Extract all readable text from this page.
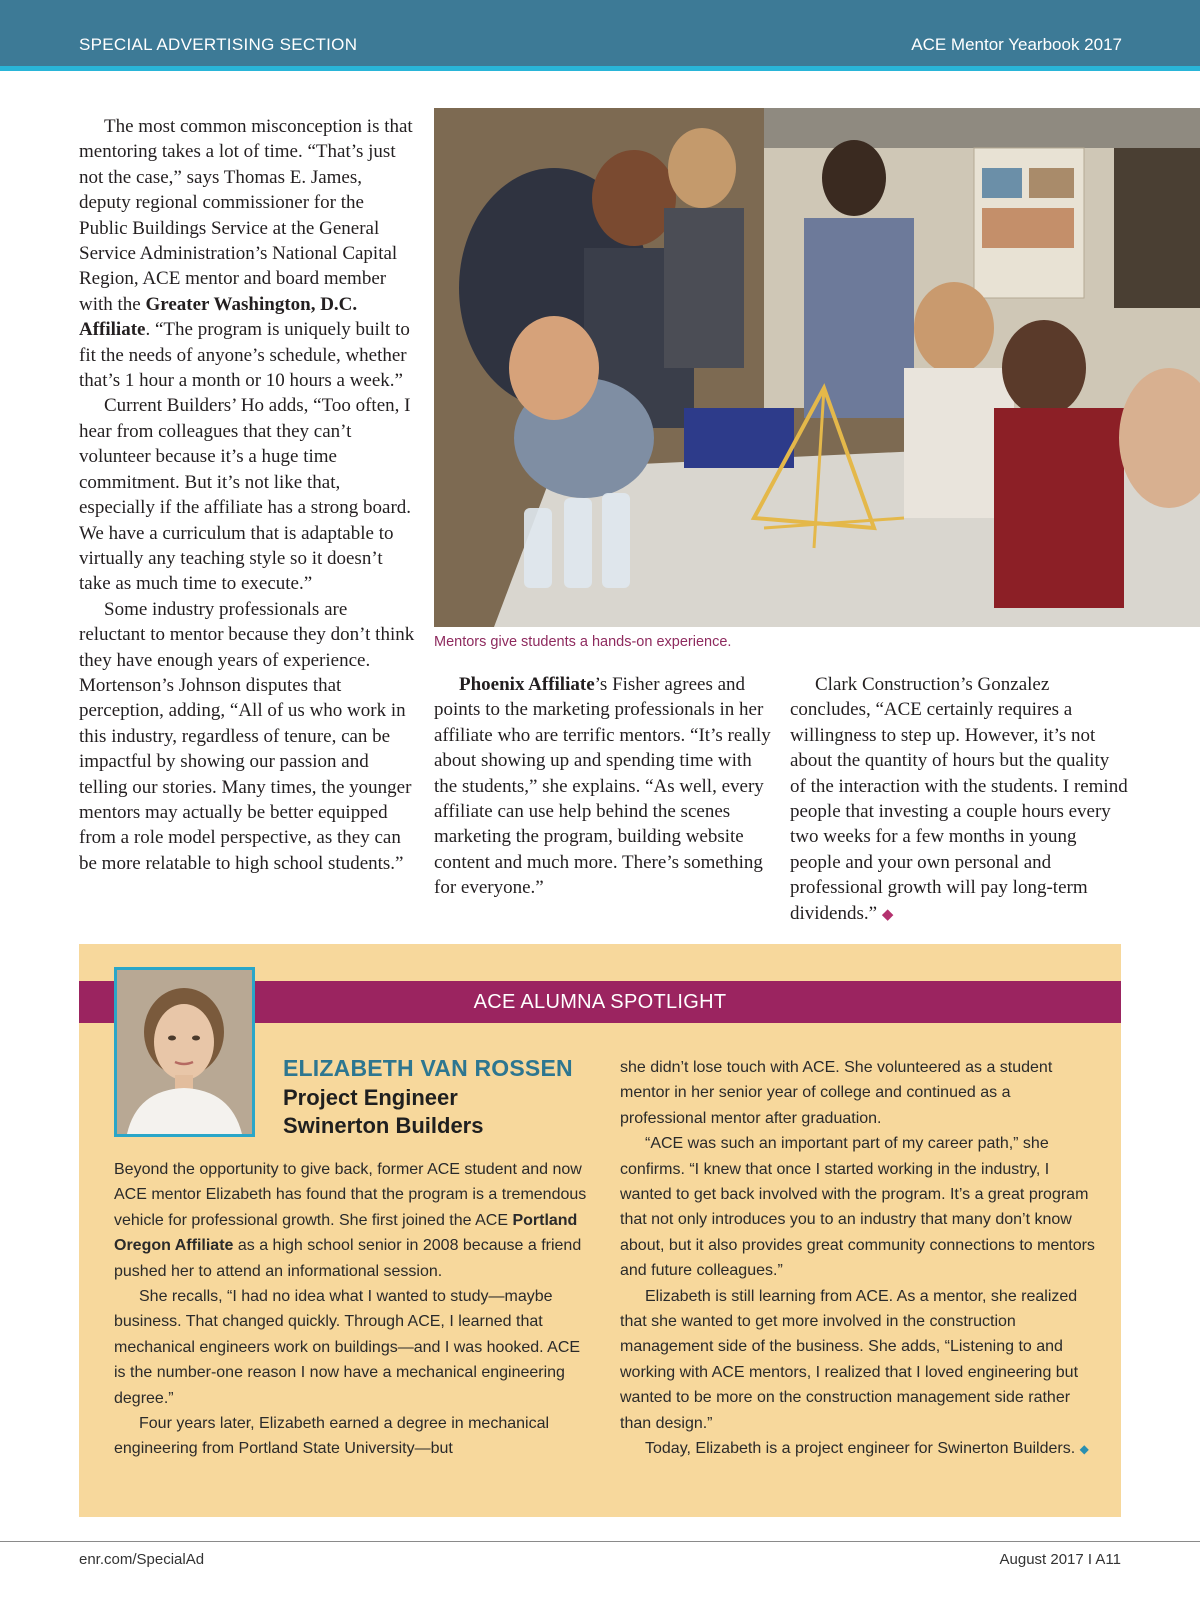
SPECIAL ADVERTISING SECTION	ACE Mentor Yearbook 2017

The most common misconception is that mentoring takes a lot of time. “That’s just not the case,” says Thomas E. James, deputy regional commissioner for the Public Buildings Service at the General Service Administration’s National Capital Region, ACE mentor and board member with the Greater Washington, D.C. Affiliate. “The program is uniquely built to fit the needs of anyone’s schedule, whether that’s 1 hour a month or 10 hours a week.”

Current Builders’ Ho adds, “Too often, I hear from colleagues that they can’t volunteer because it’s a huge time commitment. But it’s not like that, especially if the affiliate has a strong board. We have a curriculum that is adaptable to virtually any teaching style so it doesn’t take as much time to execute.”

Some industry professionals are reluctant to mentor because they don’t think they have enough years of experience. Mortenson’s Johnson disputes that perception, adding, “All of us who work in this industry, regardless of tenure, can be impactful by showing our passion and telling our stories. Many times, the younger mentors may actually be better equipped from a role model perspective, as they can be more relatable to high school students.”

Mentors give students a hands-on experience.

Phoenix Affiliate’s Fisher agrees and points to the marketing professionals in her affiliate who are terrific mentors. “It’s really about showing up and spending time with the students,” she explains. “As well, every affiliate can use help behind the scenes marketing the program, building website content and much more. There’s something for everyone.”

Clark Construction’s Gonzalez concludes, “ACE certainly requires a willingness to step up. However, it’s not about the quantity of hours but the quality of the interaction with the students. I remind people that investing a couple hours every two weeks for a few months in young people and your own personal and professional growth will pay long-term dividends.” ◆

ACE ALUMNA SPOTLIGHT
ELIZABETH VAN ROSSEN
Project Engineer
Swinerton Builders

Beyond the opportunity to give back, former ACE student and now ACE mentor Elizabeth has found that the program is a tremendous vehicle for professional growth. She first joined the ACE Portland Oregon Affiliate as a high school senior in 2008 because a friend pushed her to attend an informational session.

She recalls, “I had no idea what I wanted to study—maybe business. That changed quickly. Through ACE, I learned that mechanical engineers work on buildings—and I was hooked. ACE is the number-one reason I now have a mechanical engineering degree.”

Four years later, Elizabeth earned a degree in mechanical engineering from Portland State University—but

she didn’t lose touch with ACE. She volunteered as a student mentor in her senior year of college and continued as a professional mentor after graduation.

“ACE was such an important part of my career path,” she confirms. “I knew that once I started working in the industry, I wanted to get back involved with the program. It’s a great program that not only introduces you to an industry that many don’t know about, but it also provides great community connections to mentors and future colleagues.”

Elizabeth is still learning from ACE. As a mentor, she realized that she wanted to get more involved in the construction management side of the business. She adds, “Listening to and working with ACE mentors, I realized that I loved engineering but wanted to be more on the construction management side rather than design.”

Today, Elizabeth is a project engineer for Swinerton Builders. ◆

enr.com/SpecialAd	August 2017 I A11
